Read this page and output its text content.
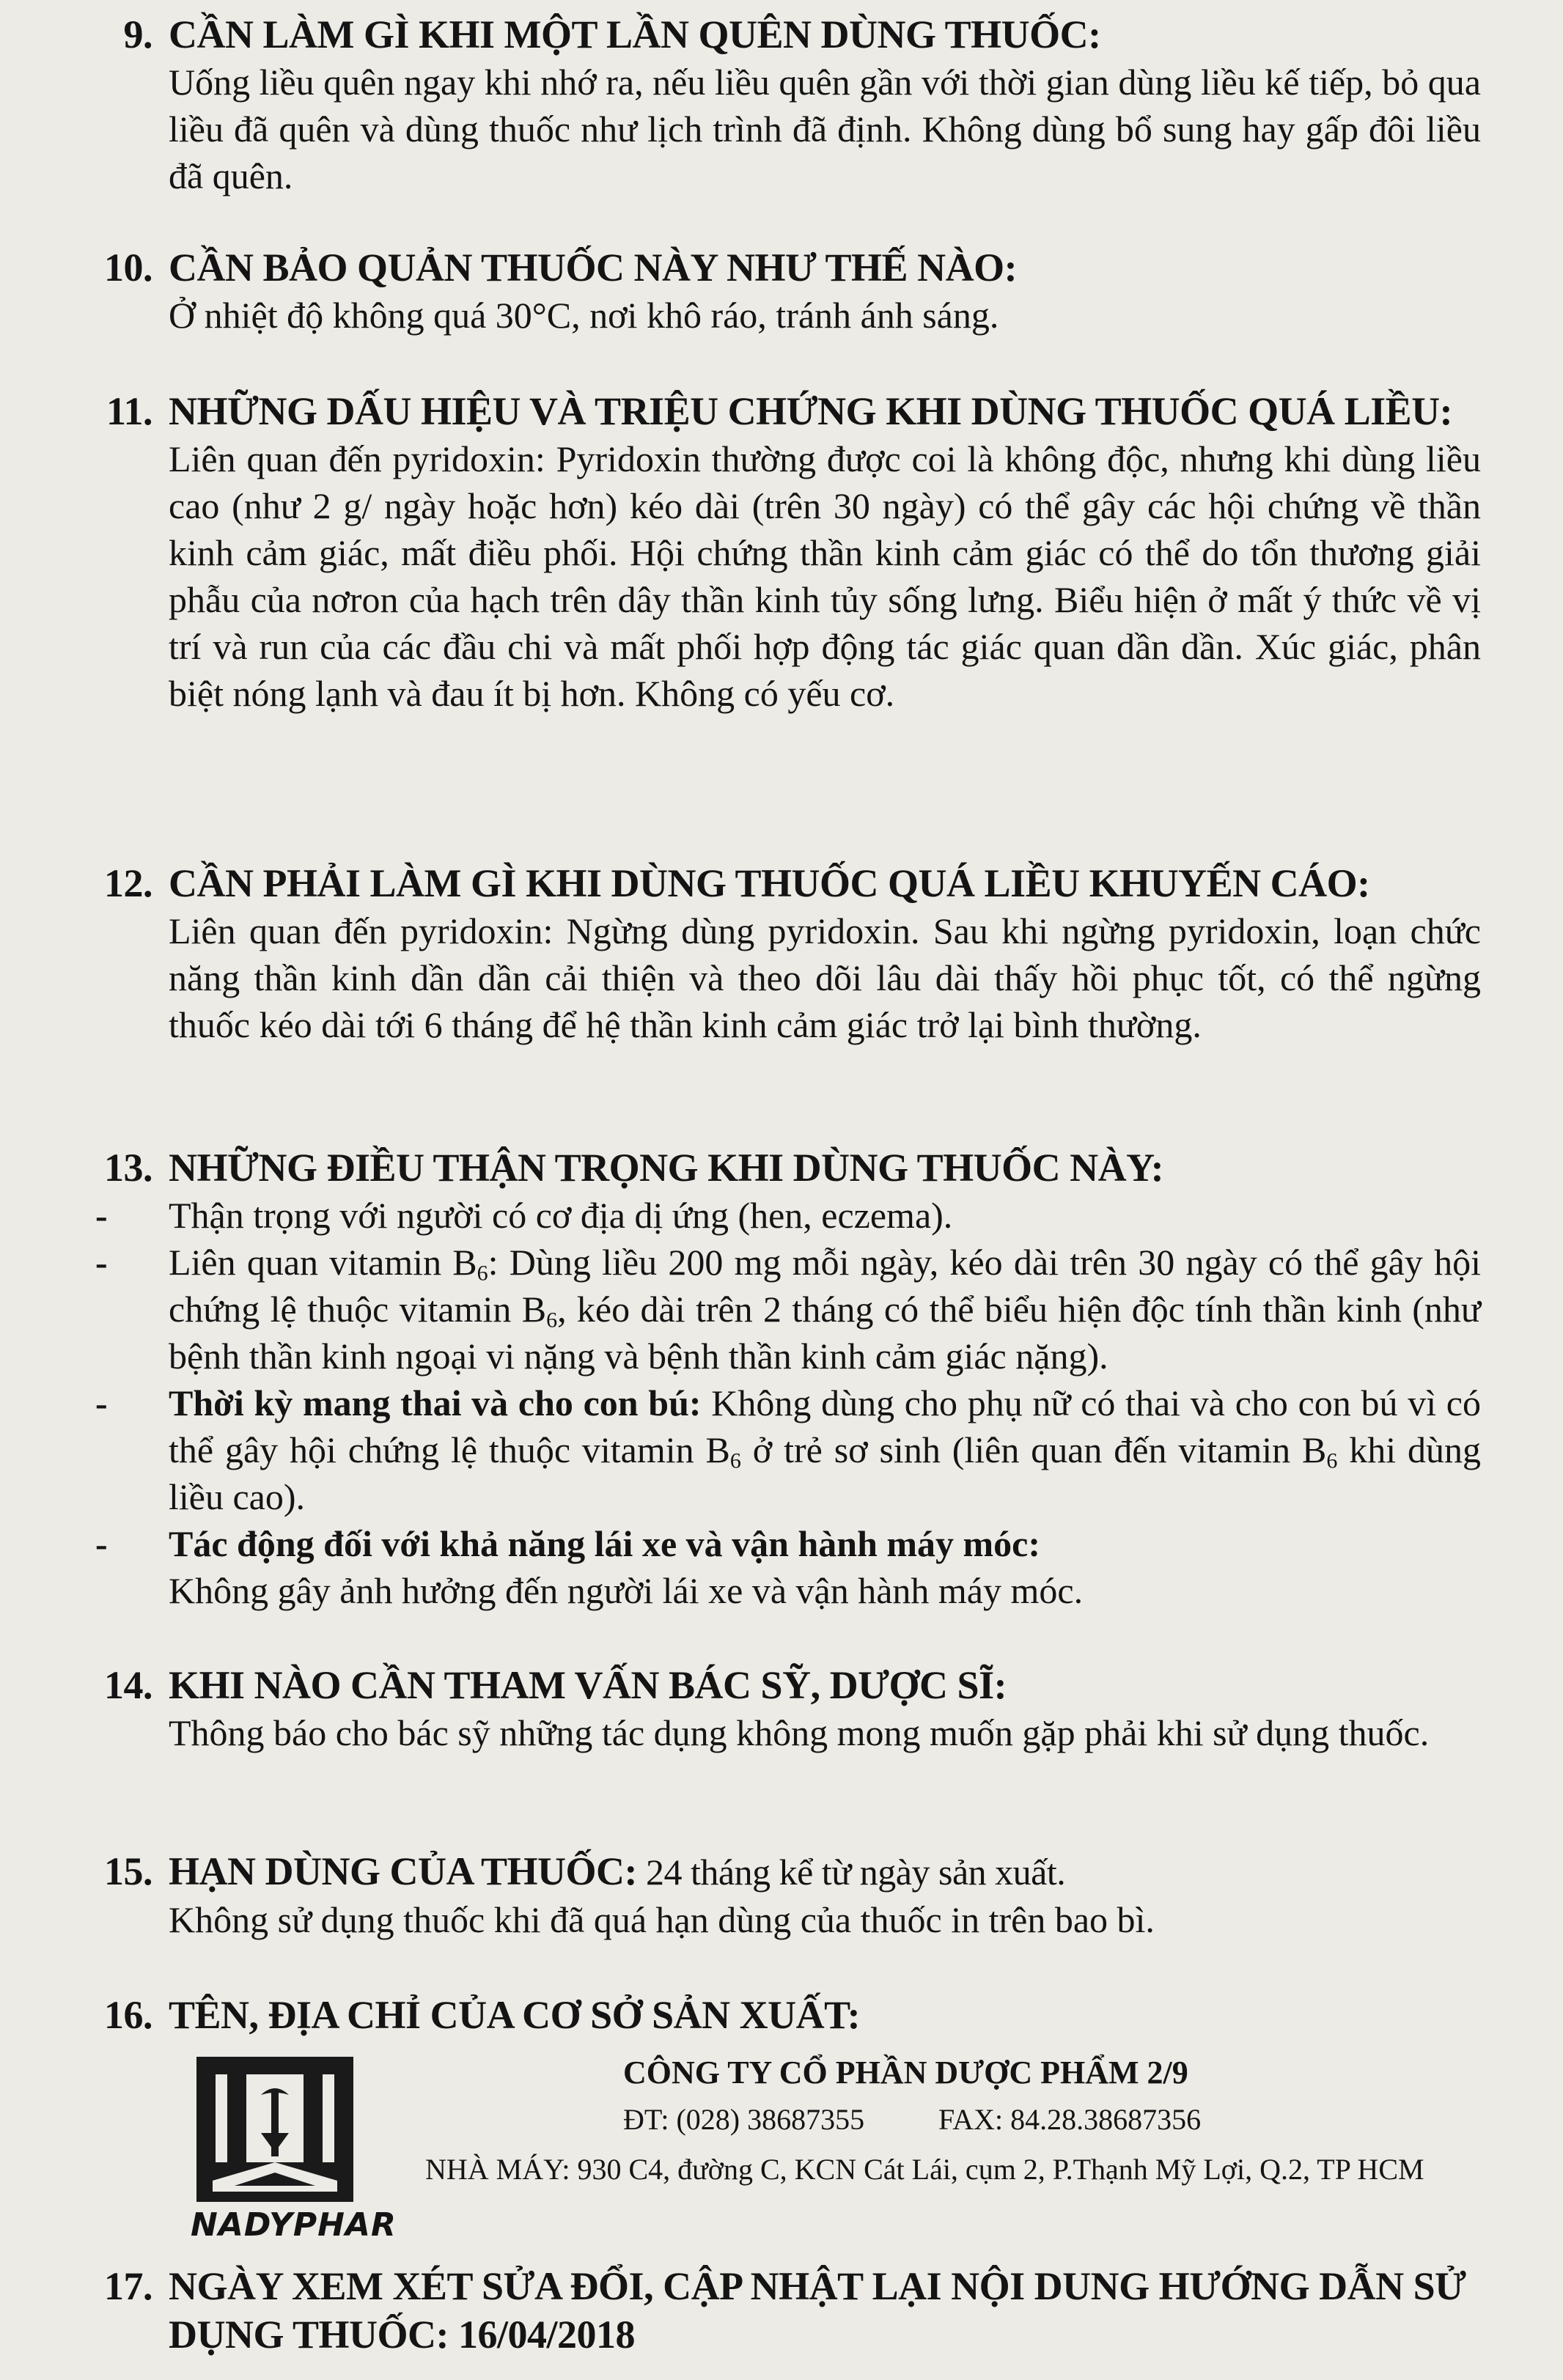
9. CẦN LÀM GÌ KHI MỘT LẦN QUÊN DÙNG THUỐC:

Uống liều quên ngay khi nhớ ra, nếu liều quên gần với thời gian dùng liều kế tiếp, bỏ qua liều đã quên và dùng thuốc như lịch trình đã định. Không dùng bổ sung hay gấp đôi liều đã quên.

10. CẦN BẢO QUẢN THUỐC NÀY NHƯ THẾ NÀO:

Ở nhiệt độ không quá 30°C, nơi khô ráo, tránh ánh sáng.

11. NHỮNG DẤU HIỆU VÀ TRIỆU CHỨNG KHI DÙNG THUỐC QUÁ LIỀU:

Liên quan đến pyridoxin: Pyridoxin thường được coi là không độc, nhưng khi dùng liều cao (như 2 g/ ngày hoặc hơn) kéo dài (trên 30 ngày) có thể gây các hội chứng về thần kinh cảm giác, mất điều phối. Hội chứng thần kinh cảm giác có thể do tổn thương giải phẫu của nơron của hạch trên dây thần kinh tủy sống lưng. Biểu hiện ở mất ý thức về vị trí và run của các đầu chi và mất phối hợp động tác giác quan dần dần. Xúc giác, phân biệt nóng lạnh và đau ít bị hơn. Không có yếu cơ.

12. CẦN PHẢI LÀM GÌ KHI DÙNG THUỐC QUÁ LIỀU KHUYẾN CÁO:

Liên quan đến pyridoxin: Ngừng dùng pyridoxin. Sau khi ngừng pyridoxin, loạn chức năng thần kinh dần dần cải thiện và theo dõi lâu dài thấy hồi phục tốt, có thể ngừng thuốc kéo dài tới 6 tháng để hệ thần kinh cảm giác trở lại bình thường.

13. NHỮNG ĐIỀU THẬN TRỌNG KHI DÙNG THUỐC NÀY:
-	Thận trọng với người có cơ địa dị ứng (hen, eczema).
-	Liên quan vitamin $B_6$: Dùng liều 200 mg mỗi ngày, kéo dài trên 30 ngày có thể gây hội chứng lệ thuộc vitamin $B_6$, kéo dài trên 2 tháng có thể biểu hiện độc tính thần kinh (như bệnh thần kinh ngoại vi nặng và bệnh thần kinh cảm giác nặng).
-	Thời kỳ mang thai và cho con bú: Không dùng cho phụ nữ có thai và cho con bú vì có thể gây hội chứng lệ thuộc vitamin $B_6$ ở trẻ sơ sinh (liên quan đến vitamin $B_6$ khi dùng liều cao).
-	Tác động đối với khả năng lái xe và vận hành máy móc:
Không gây ảnh hưởng đến người lái xe và vận hành máy móc.
14. KHI NÀO CẦN THAM VẤN BÁC SỸ, DƯỢC SĨ:

Thông báo cho bác sỹ những tác dụng không mong muốn gặp phải khi sử dụng thuốc.

15. HẠN DÙNG CỦA THUỐC: 24 tháng kể từ ngày sản xuất.

Không sử dụng thuốc khi đã quá hạn dùng của thuốc in trên bao bì.

16. TÊN, ĐỊA CHỈ CỦA CƠ SỞ SẢN XUẤT:
NADYPHAR
CÔNG TY CỔ PHẦN DƯỢC PHẨM 2/9
ĐT: (028) 38687355	FAX: 84.28.38687356
NHÀ MÁY: 930 C4, đường C, KCN Cát Lái, cụm 2, P.Thạnh Mỹ Lợi, Q.2, TP HCM
17. NGÀY XEM XÉT SỬA ĐỔI, CẬP NHẬT LẠI NỘI DUNG HƯỚNG DẪN SỬ DỤNG THUỐC: 16/04/2018
